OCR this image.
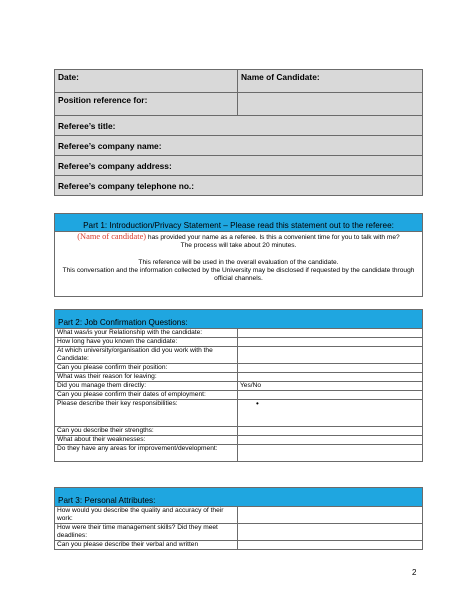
Date:	Name of Candidate:
Position reference for:	
Referee’s title:	
Referee’s company name:	
Referee’s company address:	
Referee’s company telephone no.:	
Part 1: Introduction/Privacy Statement – Please read this statement out to the referee:
(Name of candidate) has provided your name as a referee. Is this a convenient time for you to talk with me?
The process will take about 20 minutes.
This reference will be used in the overall evaluation of the candidate.
This conversation and the information collected by the University may be disclosed if requested by the candidate through official channels.
Part 2: Job Confirmation Questions:	
What was/is your Relationship with the candidate:	
How long have you known the candidate:	
At which university/organisation did you work with the Candidate:	
Can you please confirm their position:	
What was their reason for leaving:	
Did you manage them directly:	Yes/No
Can you please confirm their dates of employment:	
Please describe their key responsibilities:	•
Can you describe their strengths:	
What about their weaknesses:	
Do they have any areas for improvement/development:	
Part 3: Personal Attributes:	
How would you describe the quality and accuracy of their work:	
How were their time management skills? Did they meet deadlines:	
Can you please describe their verbal and written	
2
